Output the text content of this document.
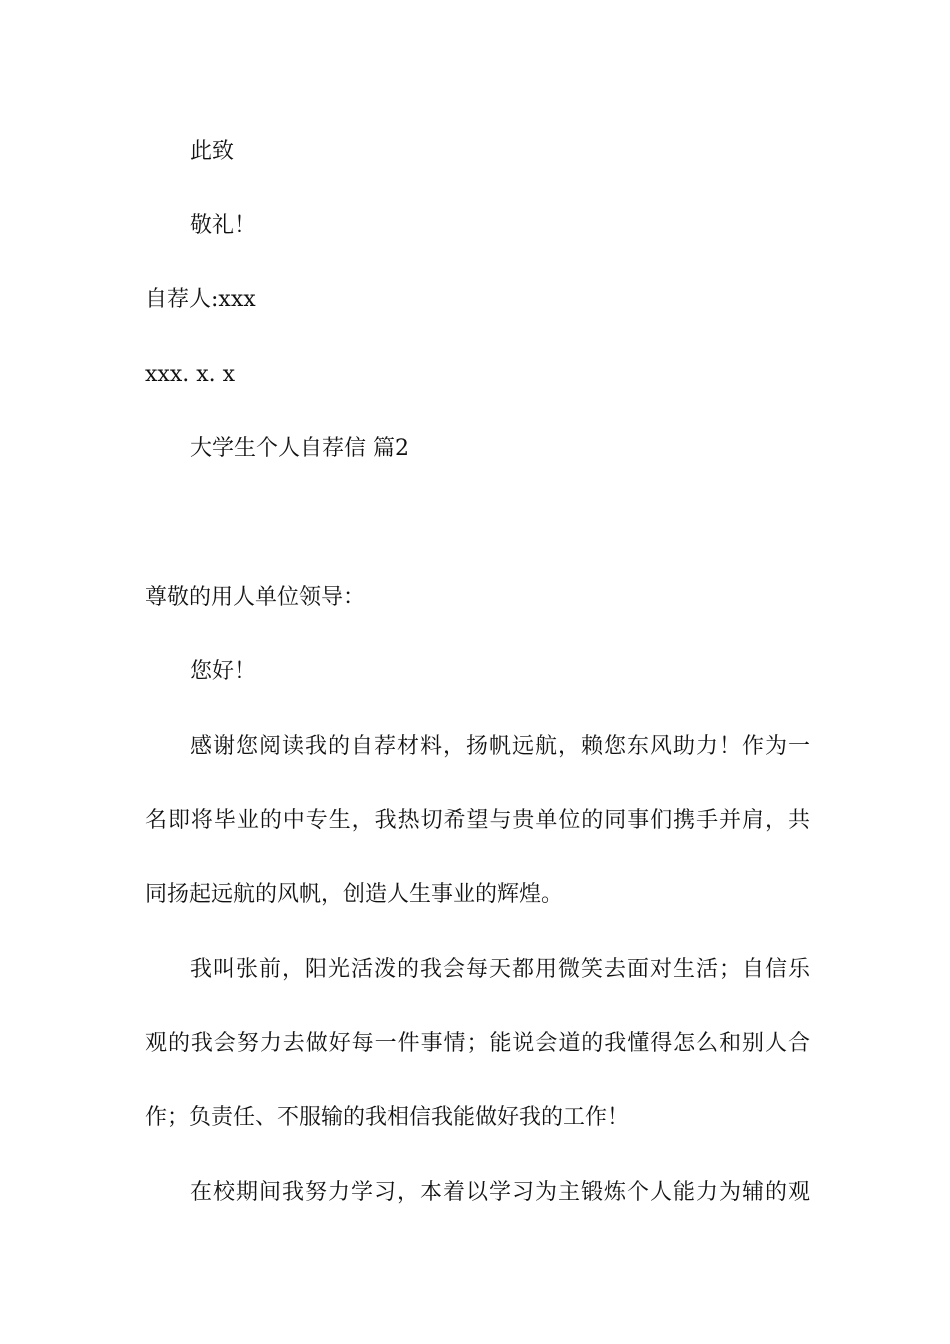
此致

敬礼！

自荐人:xxx

xxx. x. x

大学生个人自荐信 篇2

尊敬的用人单位领导：

您好！

感谢您阅读我的自荐材料，扬帆远航，赖您东风助力！作为一

名即将毕业的中专生，我热切希望与贵单位的同事们携手并肩，共

同扬起远航的风帆，创造人生事业的辉煌。

我叫张前，阳光活泼的我会每天都用微笑去面对生活；自信乐

观的我会努力去做好每一件事情；能说会道的我懂得怎么和别人合

作；负责任、不服输的我相信我能做好我的工作！

在校期间我努力学习，本着以学习为主锻炼个人能力为辅的观
